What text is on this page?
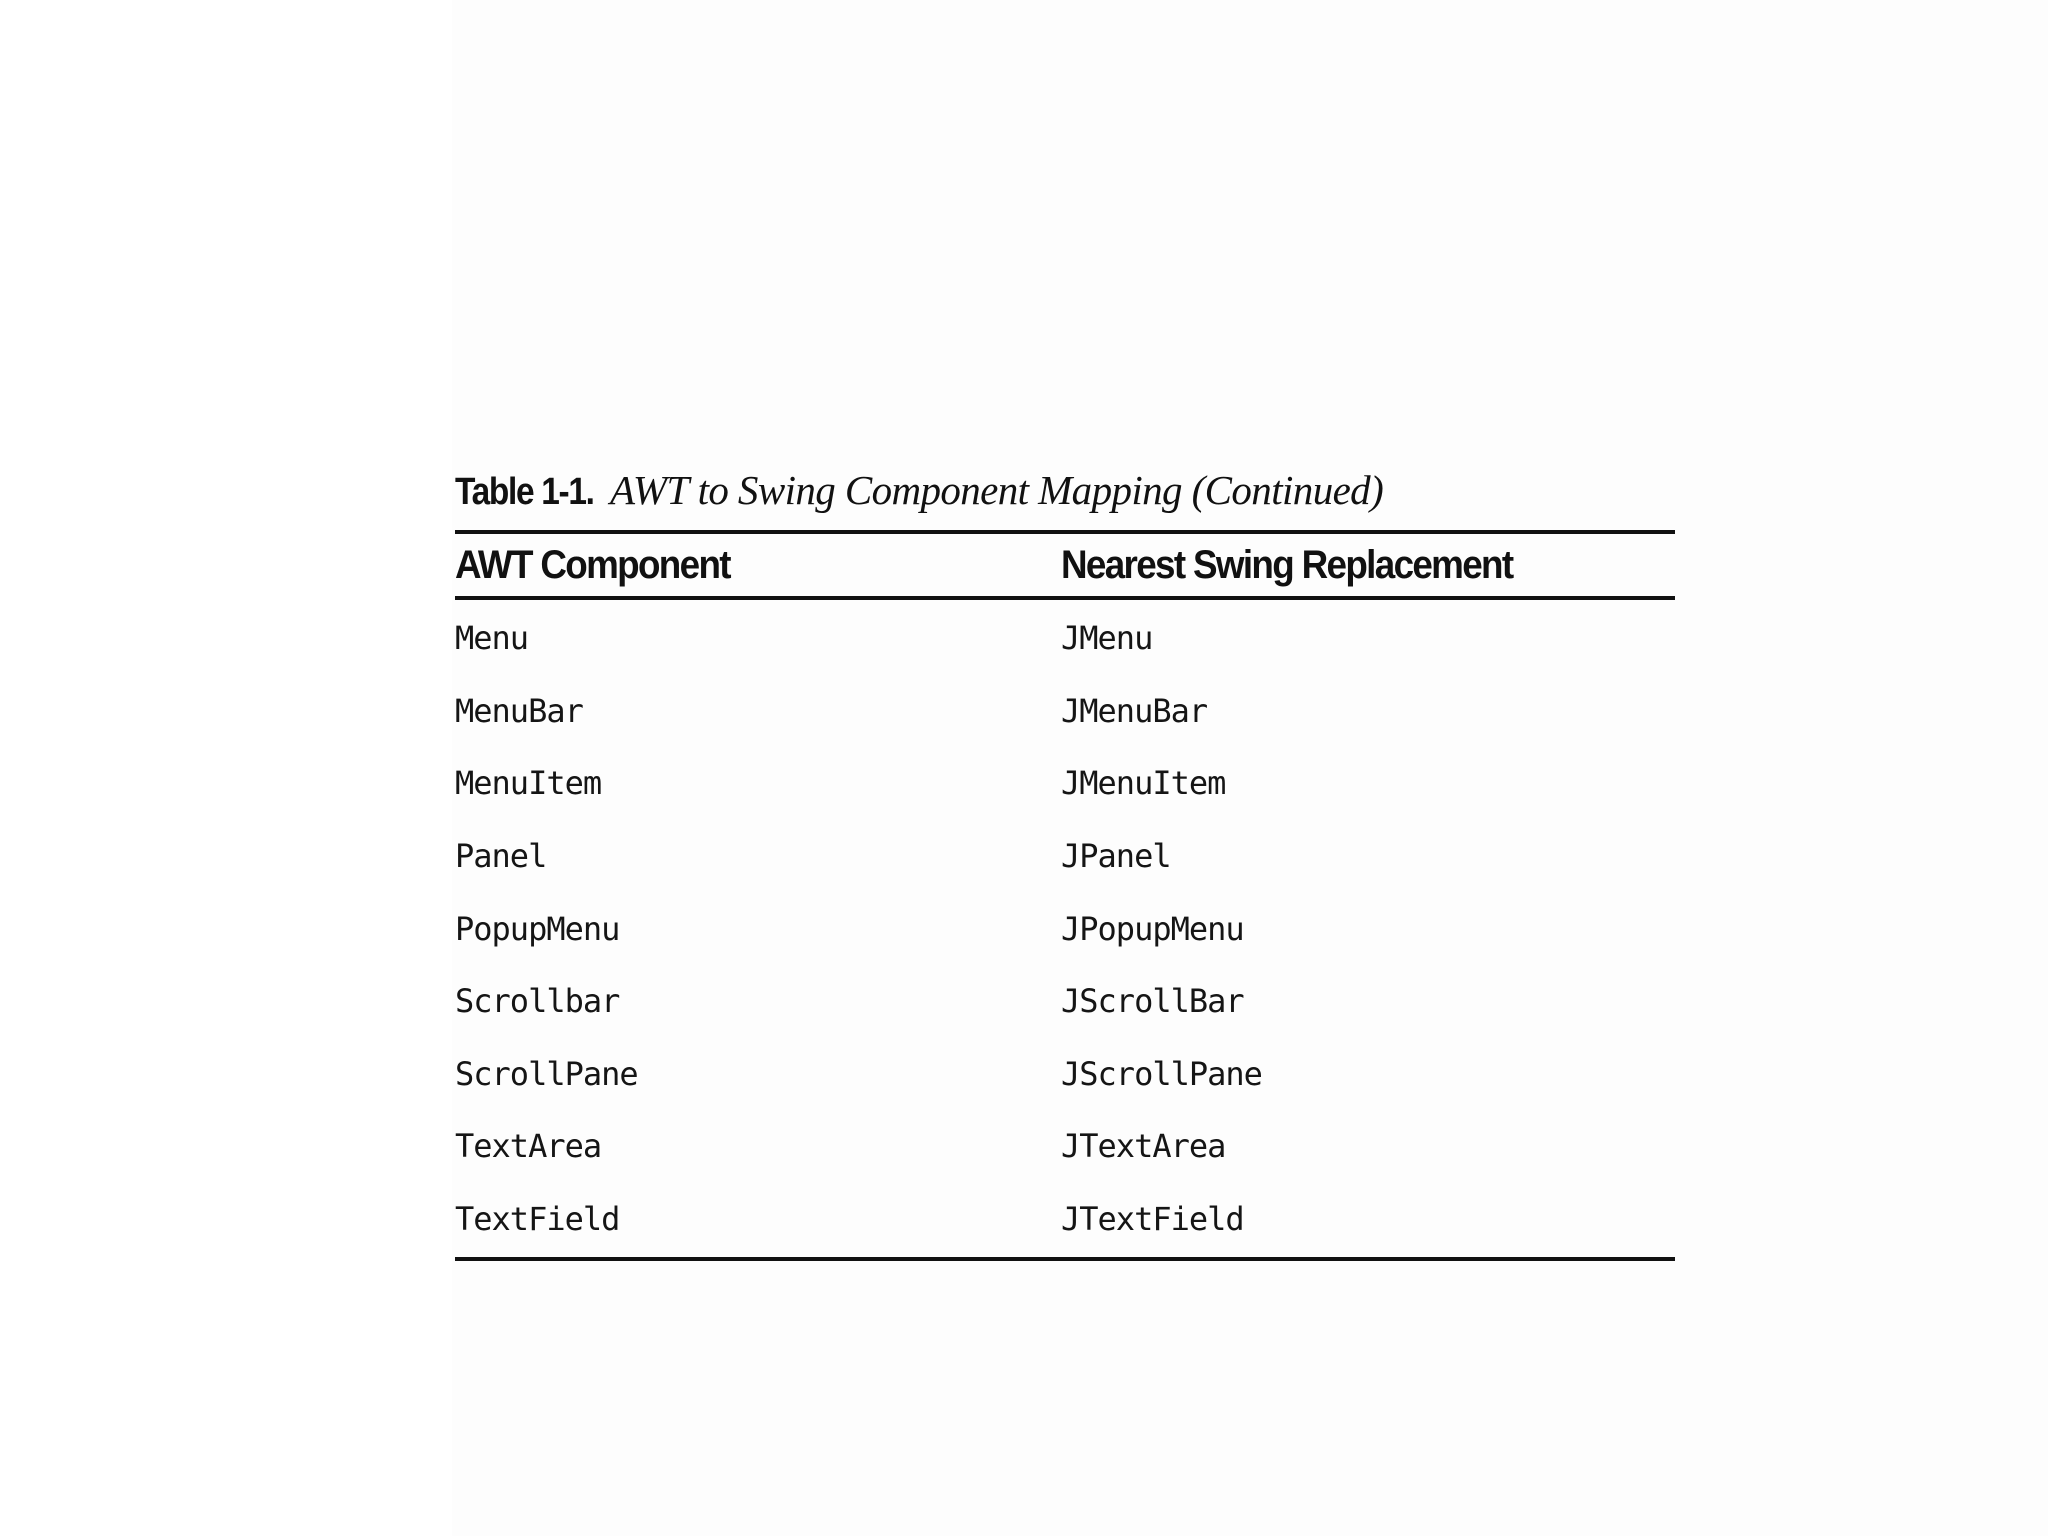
Table 1-1. AWT to Swing Component Mapping (Continued)
AWT Component	Nearest Swing Replacement
Menu	JMenu
MenuBar	JMenuBar
MenuItem	JMenuItem
Panel	JPanel
PopupMenu	JPopupMenu
Scrollbar	JScrollBar
ScrollPane	JScrollPane
TextArea	JTextArea
TextField	JTextField
